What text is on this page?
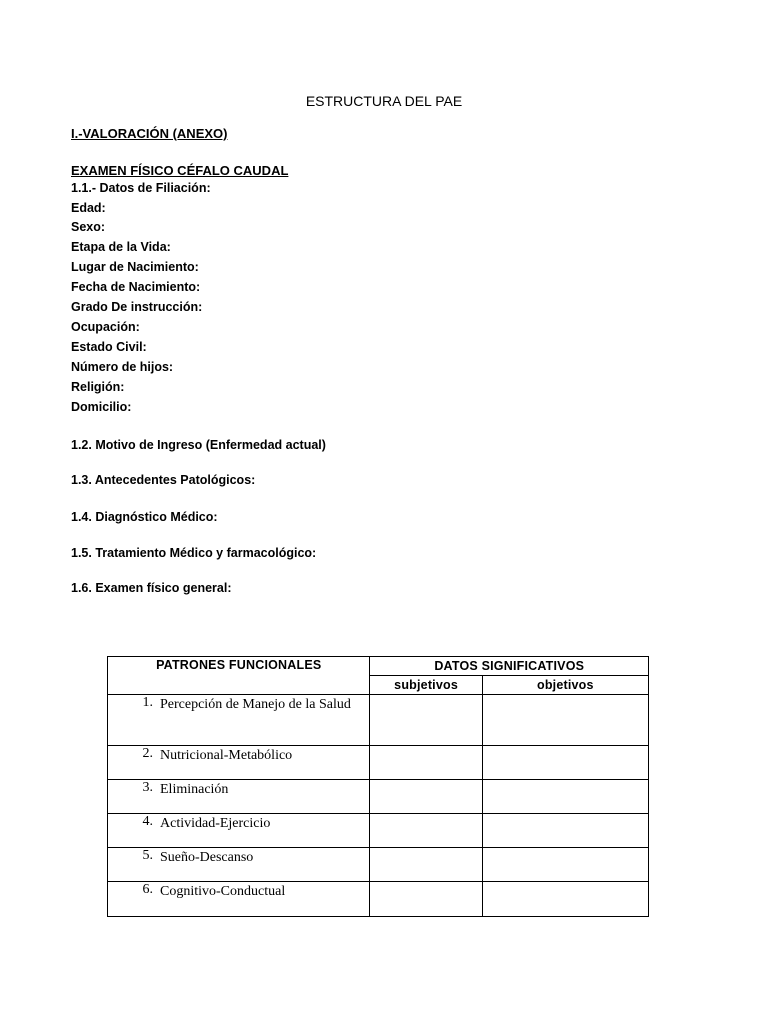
ESTRUCTURA DEL PAE
I.-VALORACIÓN (ANEXO)
EXAMEN FÍSICO CÉFALO CAUDAL
1.1.- Datos de Filiación:
Edad:
Sexo:
Etapa de la Vida:
Lugar de Nacimiento:
Fecha de Nacimiento:
Grado De instrucción:
Ocupación:
Estado Civil:
Número de hijos:
Religión:
Domicilio:
1.2. Motivo de Ingreso (Enfermedad actual)
1.3. Antecedentes Patológicos:
1.4. Diagnóstico Médico:
1.5. Tratamiento Médico y farmacológico:
1.6. Examen físico general:
PATRONES FUNCIONALES	DATOS SIGNIFICATIVOS	
	subjetivos	objetivos

1. Percepción de Manejo de la Salud		

2. Nutricional-Metabólico		

3. Eliminación		

4. Actividad-Ejercicio		

5. Sueño-Descanso		

6. Cognitivo-Conductual		
